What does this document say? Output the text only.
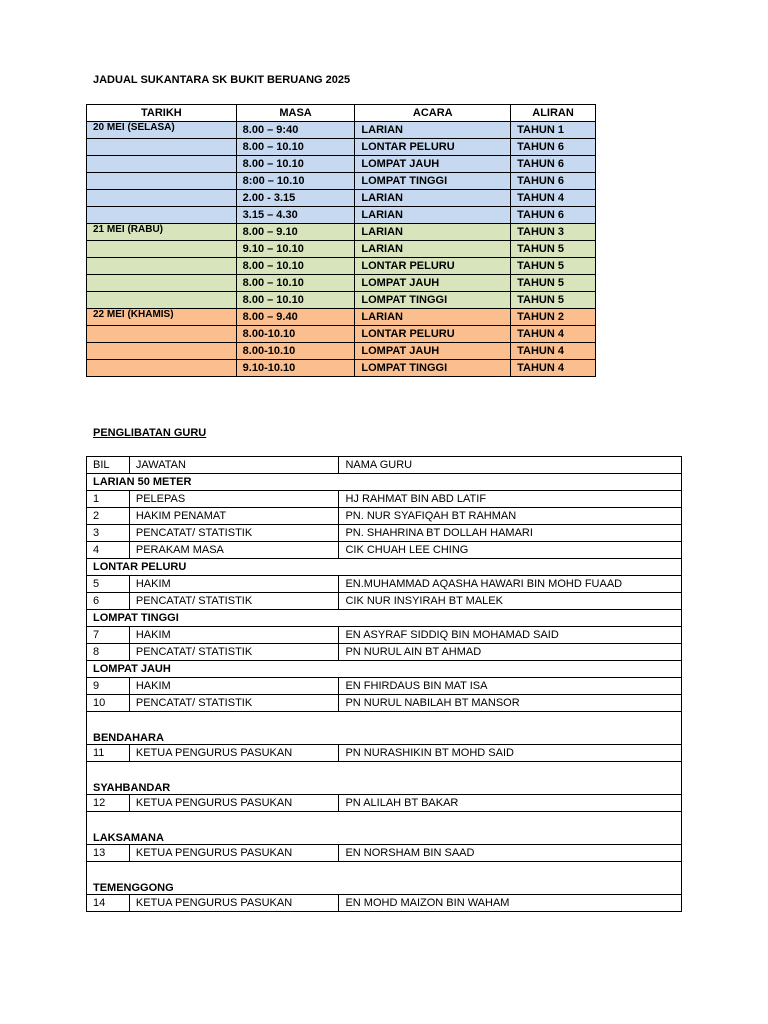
JADUAL SUKANTARA SK BUKIT BERUANG 2025
TARIKH	MASA	ACARA	ALIRAN
20 MEI (SELASA)	8.00 – 9:40	LARIAN	TAHUN 1
	8.00 – 10.10	LONTAR PELURU	TAHUN 6
	8.00 – 10.10	LOMPAT JAUH	TAHUN 6
	8:00 – 10.10	LOMPAT TINGGI	TAHUN 6
	2.00 - 3.15	LARIAN	TAHUN 4
	3.15 – 4.30	LARIAN	TAHUN 6
21 MEI (RABU)	8.00 – 9.10	LARIAN	TAHUN 3
	9.10 – 10.10	LARIAN	TAHUN 5
	8.00 – 10.10	LONTAR PELURU	TAHUN 5
	8.00 – 10.10	LOMPAT JAUH	TAHUN 5
	8.00 – 10.10	LOMPAT TINGGI	TAHUN 5
22 MEI (KHAMIS)	8.00 – 9.40	LARIAN	TAHUN 2
	8.00-10.10	LONTAR PELURU	TAHUN 4
	8.00-10.10	LOMPAT JAUH	TAHUN 4
	9.10-10.10	LOMPAT TINGGI	TAHUN 4
PENGLIBATAN GURU
BIL	JAWATAN	NAMA GURU
LARIAN 50 METER		
1	PELEPAS	HJ RAHMAT BIN ABD LATIF
2	HAKIM PENAMAT	PN. NUR SYAFIQAH BT RAHMAN
3	PENCATAT/ STATISTIK	PN. SHAHRINA BT DOLLAH HAMARI
4	PERAKAM MASA	CIK CHUAH LEE CHING
LONTAR PELURU		
5	HAKIM	EN.MUHAMMAD AQASHA HAWARI BIN MOHD FUAAD
6	PENCATAT/ STATISTIK	CIK NUR INSYIRAH BT MALEK
LOMPAT TINGGI		
7	HAKIM	EN ASYRAF SIDDIQ BIN MOHAMAD SAID
8	PENCATAT/ STATISTIK	PN NURUL AIN BT AHMAD
LOMPAT JAUH		
9	HAKIM	EN FHIRDAUS BIN MAT ISA
10	PENCATAT/ STATISTIK	PN NURUL NABILAH BT MANSOR
BENDAHARA		
11	KETUA PENGURUS PASUKAN	PN NURASHIKIN BT MOHD SAID
SYAHBANDAR		
12	KETUA PENGURUS PASUKAN	PN ALILAH BT BAKAR
LAKSAMANA		
13	KETUA PENGURUS PASUKAN	EN NORSHAM BIN SAAD
TEMENGGONG		
14	KETUA PENGURUS PASUKAN	EN MOHD MAIZON BIN WAHAM
